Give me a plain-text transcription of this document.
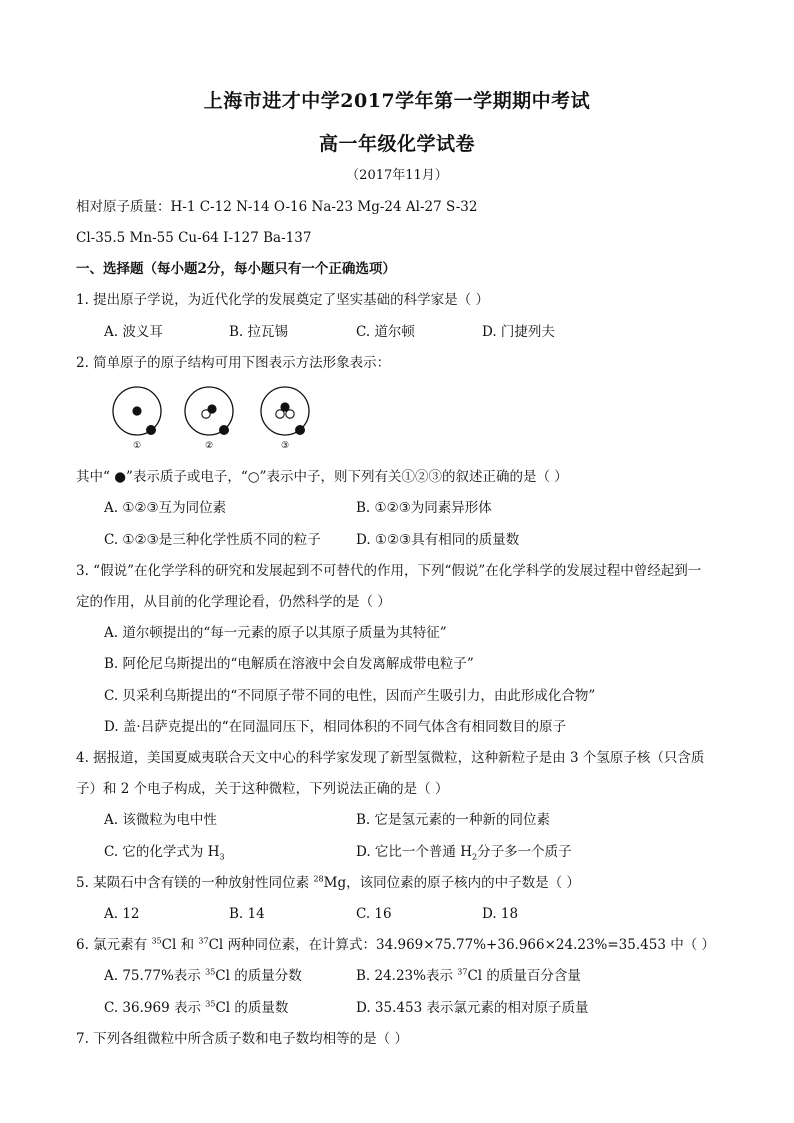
上海市进才中学2017学年第一学期期中考试
高一年级化学试卷
（2017年11月）
相对原子质量：H-1 C-12 N-14 O-16 Na-23 Mg-24 Al-27 S-32
Cl-35.5 Mn-55 Cu-64 I-127 Ba-137
一、选择题（每小题2分，每小题只有一个正确选项）
1. 提出原子学说，为近代化学的发展奠定了坚实基础的科学家是（ ）
A. 波义耳	B. 拉瓦锡	C. 道尔顿	D. 门捷列夫
2. 简单原子的原子结构可用下图表示方法形象表示：
①	②	③
其中“ ●”表示质子或电子，“○”表示中子，则下列有关①②③的叙述正确的是（ ）
A. ①②③互为同位素	B. ①②③为同素异形体
C. ①②③是三种化学性质不同的粒子	D. ①②③具有相同的质量数
3. “假说”在化学学科的研究和发展起到不可替代的作用，下列“假说”在化学科学的发展过程中曾经起到一
定的作用，从目前的化学理论看，仍然科学的是（ ）
A. 道尔顿提出的“每一元素的原子以其原子质量为其特征”
B. 阿伦尼乌斯提出的“电解质在溶液中会自发离解成带电粒子”
C. 贝采利乌斯提出的“不同原子带不同的电性，因而产生吸引力，由此形成化合物”
D. 盖·吕萨克提出的“在同温同压下，相同体积的不同气体含有相同数目的原子
4. 据报道，美国夏威夷联合天文中心的科学家发现了新型氢微粒，这种新粒子是由 3 个氢原子核（只含质
子）和 2 个电子构成，关于这种微粒，下列说法正确的是（ ）
A. 该微粒为电中性	B. 它是氢元素的一种新的同位素
C. 它的化学式为 $H_3$	D. 它比一个普通 $H_2$分子多一个质子
5. 某陨石中含有镁的一种放射性同位素 $^{28}$Mg，该同位素的原子核内的中子数是（ ）
A. 12	B. 14	C. 16	D. 18
6. 氯元素有 $^{35}$Cl 和 $^{37}$Cl 两种同位素，在计算式：34.969×75.77%+36.966×24.23%=35.453 中（ ）
A. 75.77%表示 $^{35}$Cl 的质量分数	B. 24.23%表示 $^{37}$Cl 的质量百分含量
C. 36.969 表示 $^{35}$Cl 的质量数	D. 35.453 表示氯元素的相对原子质量
7. 下列各组微粒中所含质子数和电子数均相等的是（ ）
